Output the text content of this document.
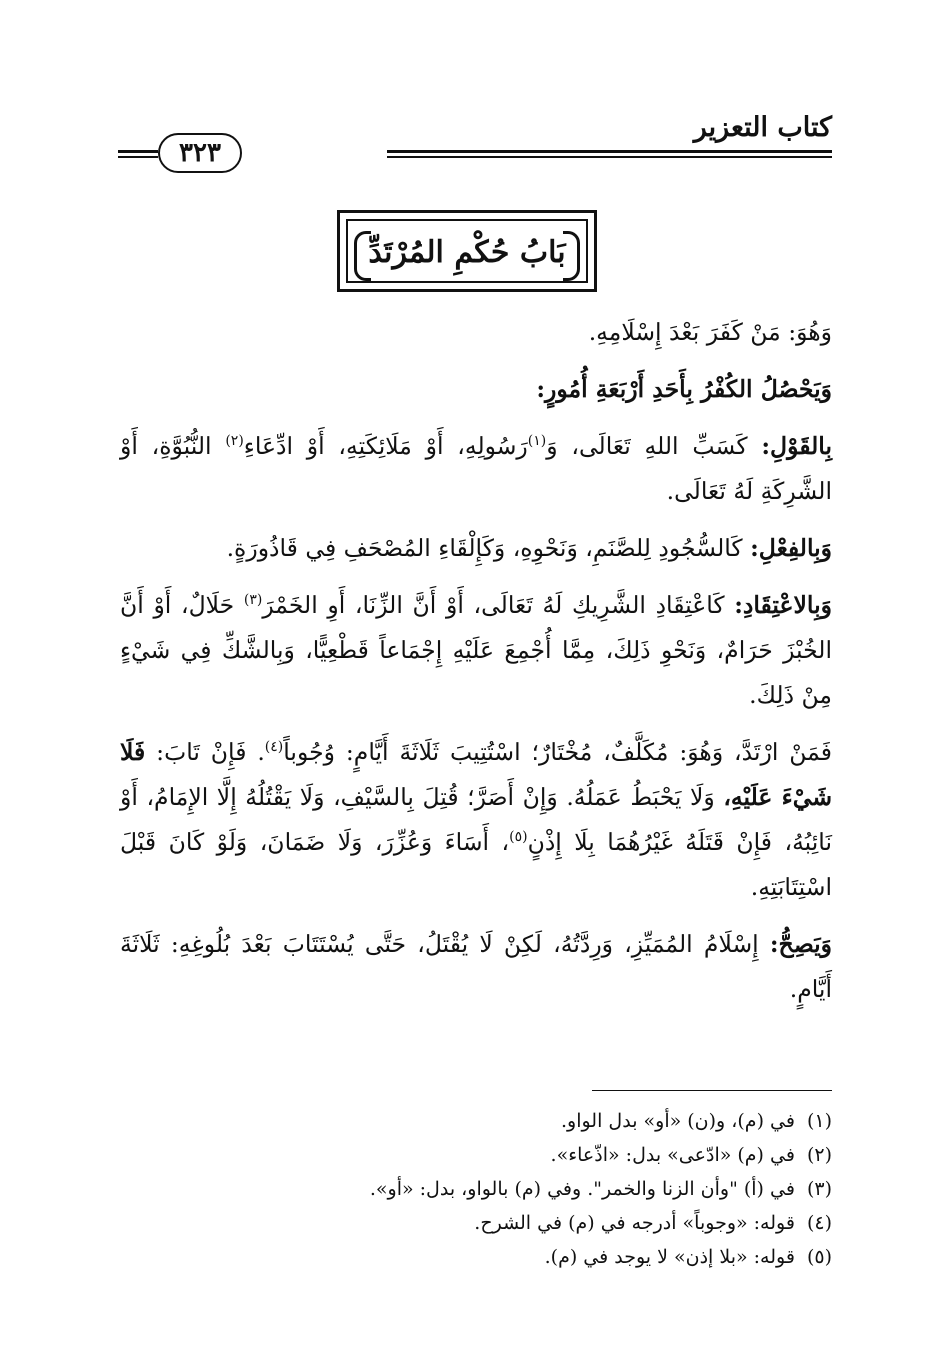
كتاب التعزير
٣٢٣
بَابُ حُكْمِ المُرْتَدِّ

وَهُوَ: مَنْ كَفَرَ بَعْدَ إِسْلَامِهِ.

وَيَحْصُلُ الكُفْرُ بِأَحَدِ أَرْبَعَةِ أُمُورٍ:

بِالقَوْلِ: كَسَبِّ اللهِ تَعَالَى، وَ$^{(١)}$رَسُولِهِ، أَوْ مَلَائِكَتِهِ، أَوْ ادِّعَاءِ$^{(٢)}$ النُّبُوَّةِ، أَوْ الشَّرِكَةِ لَهُ تَعَالَى.

وَبِالفِعْلِ: كَالسُّجُودِ لِلصَّنَمِ، وَنَحْوِهِ، وَكَإِلْقَاءِ المُصْحَفِ فِي قَاذُورَةٍ.

وَبِالاعْتِقَادِ: كَاعْتِقَادِ الشَّرِيكِ لَهُ تَعَالَى، أَوْ أَنَّ الزِّنَا، أَوِ الخَمْرَ$^{(٣)}$ حَلَالٌ، أَوْ أَنَّ الخُبْزَ حَرَامٌ، وَنَحْوِ ذَلِكَ، مِمَّا أُجْمِعَ عَلَيْهِ إِجْمَاعاً قَطْعِيًّا، وَبِالشَّكِّ فِي شَيْءٍ مِنْ ذَلِكَ.

فَمَنْ ارْتَدَّ، وَهُوَ: مُكَلَّفٌ، مُخْتَارٌ؛ اسْتُتِيبَ ثَلَاثَةَ أَيَّامٍ: وُجُوباً$^{(٤)}$. فَإِنْ تَابَ: فَلَا شَيْءَ عَلَيْهِ، وَلَا يَحْبَطُ عَمَلُهُ. وَإِنْ أَصَرَّ؛ قُتِلَ بِالسَّيْفِ، وَلَا يَقْتُلُهُ إِلَّا الإِمَامُ، أَوْ نَائِبُهُ، فَإِنْ قَتَلَهُ غَيْرُهُمَا بِلَا إِذْنٍ$^{(٥)}$، أَسَاءَ وَعُزِّرَ، وَلَا ضَمَانَ، وَلَوْ كَانَ قَبْلَ اسْتِتَابَتِهِ.

وَيَصِحُّ: إِسْلَامُ المُمَيِّزِ، وَرِدَّتُهُ، لَكِنْ لَا يُقْتَلُ، حَتَّى يُسْتَتَابَ بَعْدَ بُلُوغِهِ: ثَلَاثَةَ أَيَّامٍ.

(١)في (م)، و(ن) «أو» بدل الواو.
(٢)في (م) «ادّعى» بدل: «اذّعاء».
(٣)في (أ) "وأن الزنا والخمر". وفي (م) بالواو، بدل: «أو».
(٤)قوله: «وجوباً» أدرجه في (م) في الشرح.
(٥)قوله: «بلا إذن» لا يوجد في (م).
